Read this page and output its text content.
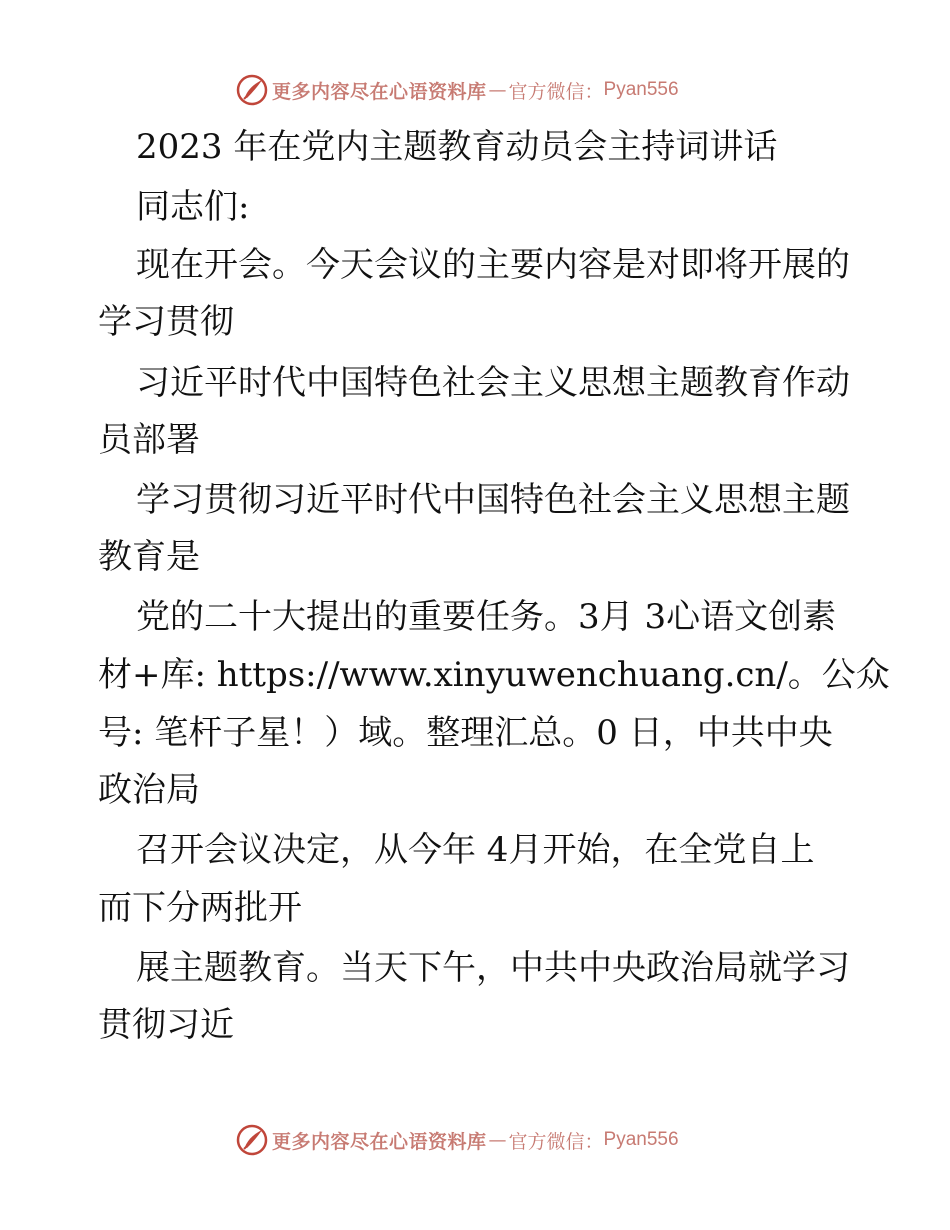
更多内容尽在心语资料库 — 官方微信： Pyan556
2023 年在党内主题教育动员会主持词讲话
同志们:
现在开会。今天会议的主要内容是对即将开展的
学习贯彻
习近平时代中国特色社会主义思想主题教育作动
员部署
学习贯彻习近平时代中国特色社会主义思想主题
教育是
党的二十大提出的重要任务。3月 3心语文创素
材+库: https://www.xinyuwenchuang.cn/。公众
号: 笔杆子星！）域。整理汇总。0 日，中共中央
政治局
召开会议决定，从今年 4月开始，在全党自上
而下分两批开
展主题教育。当天下午，中共中央政治局就学习
贯彻习近
更多内容尽在心语资料库 — 官方微信： Pyan556
